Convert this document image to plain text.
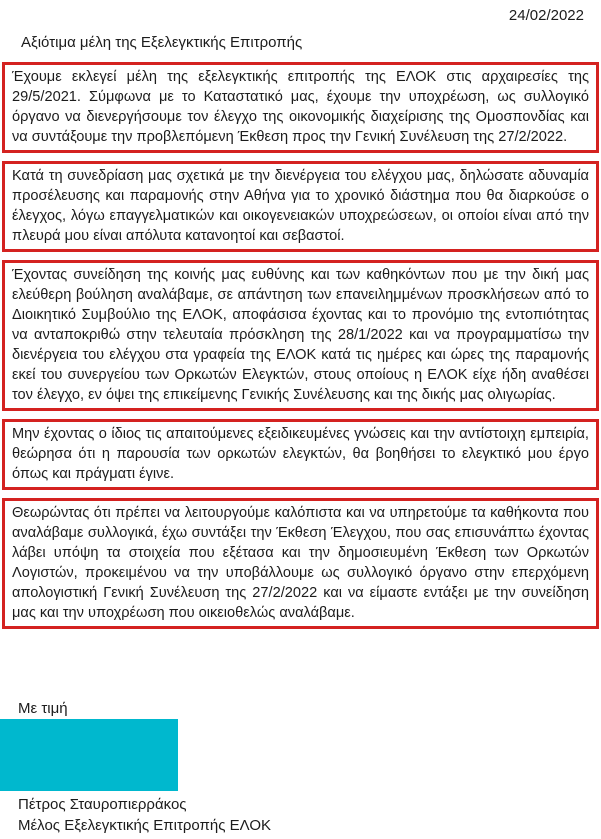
24/02/2022
Αξιότιμα μέλη της Εξελεγκτικής Επιτροπής
Έχουμε εκλεγεί μέλη της εξελεγκτικής επιτροπής της ΕΛΟΚ στις αρχαιρεσίες της 29/5/2021. Σύμφωνα με το Καταστατικό μας, έχουμε την υποχρέωση, ως συλλογικό όργανο να διενεργήσουμε τον έλεγχο της οικονομικής διαχείρισης της Ομοσπονδίας και να συντάξουμε την προβλεπόμενη Έκθεση προς την Γενική Συνέλευση της 27/2/2022.
Κατά τη συνεδρίαση μας σχετικά με την διενέργεια του ελέγχου μας, δηλώσατε αδυναμία προσέλευσης και παραμονής στην Αθήνα για το χρονικό διάστημα που θα διαρκούσε ο έλεγχος, λόγω επαγγελματικών και οικογενειακών υποχρεώσεων, οι οποίοι είναι από την πλευρά μου είναι απόλυτα κατανοητοί και σεβαστοί.
Έχοντας συνείδηση της κοινής μας ευθύνης και των καθηκόντων που με την δική μας ελεύθερη βούληση αναλάβαμε, σε απάντηση των επανειλημμένων προσκλήσεων από το Διοικητικό Συμβούλιο της ΕΛΟΚ, αποφάσισα έχοντας και το προνόμιο της εντοπιότητας να ανταποκριθώ στην τελευταία πρόσκληση της 28/1/2022 και να προγραμματίσω την διενέργεια του ελέγχου στα γραφεία της ΕΛΟΚ κατά τις ημέρες και ώρες της παραμονής εκεί του συνεργείου των Ορκωτών Ελεγκτών, στους οποίους η ΕΛΟΚ είχε ήδη αναθέσει τον έλεγχο, εν όψει της επικείμενης Γενικής Συνέλευσης και της δικής μας ολιγωρίας.
Μην έχοντας ο ίδιος τις απαιτούμενες εξειδικευμένες γνώσεις και την αντίστοιχη εμπειρία, θεώρησα ότι η παρουσία των ορκωτών ελεγκτών, θα βοηθήσει το ελεγκτικό μου έργο όπως και πράγματι έγινε.
Θεωρώντας ότι πρέπει να λειτουργούμε καλόπιστα και να υπηρετούμε τα καθήκοντα που αναλάβαμε συλλογικά, έχω συντάξει την Έκθεση Έλεγχου, που σας επισυνάπτω έχοντας λάβει υπόψη τα στοιχεία που εξέτασα και την δημοσιευμένη Έκθεση των Ορκωτών Λογιστών, προκειμένου να την υποβάλλουμε ως συλλογικό όργανο στην επερχόμενη απολογιστική Γενική Συνέλευση της 27/2/2022 και να είμαστε εντάξει με την συνείδηση μας και την υποχρέωση που οικειοθελώς αναλάβαμε.
Με τιμή
Πέτρος Σταυροπιερράκος
Μέλος Εξελεγκτικής Επιτροπής ΕΛΟΚ
